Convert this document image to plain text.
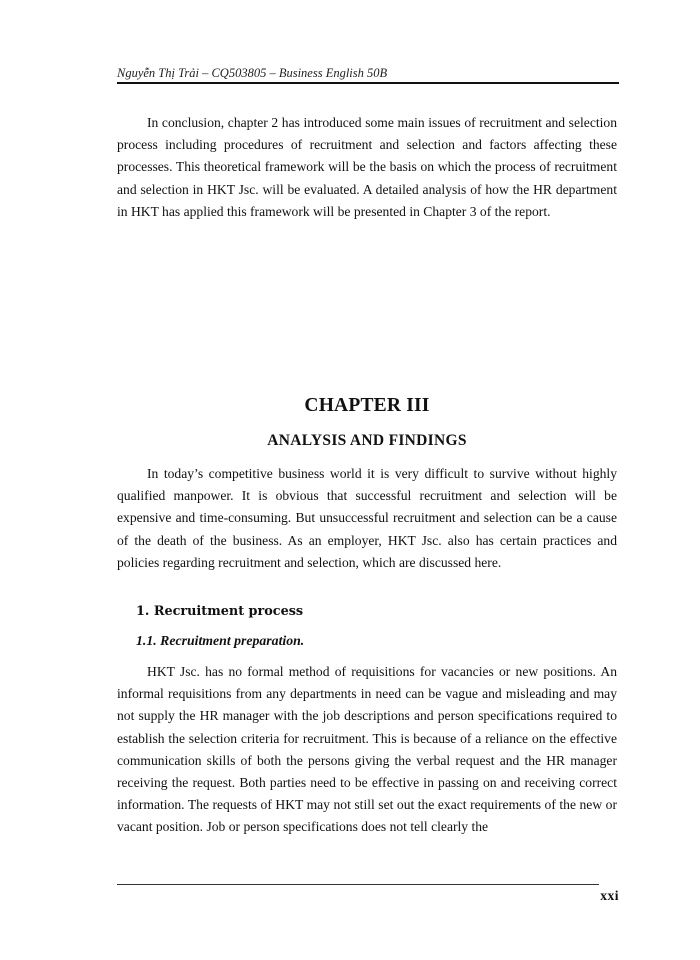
Nguyễn Thị Trải – CQ503805 – Business English 50B

In conclusion, chapter 2 has introduced some main issues of recruitment and selection process including procedures of recruitment and selection and factors affecting these processes. This theoretical framework will be the basis on which the process of recruitment and selection in HKT Jsc. will be evaluated. A detailed analysis of how the HR department in HKT has applied this framework will be presented in Chapter 3 of the report.

CHAPTER III
ANALYSIS AND FINDINGS

In today’s competitive business world it is very difficult to survive without highly qualified manpower. It is obvious that successful recruitment and selection will be expensive and time-consuming. But unsuccessful recruitment and selection can be a cause of the death of the business. As an employer, HKT Jsc. also has certain practices and policies regarding recruitment and selection, which are discussed here.

1. Recruitment process
1.1. Recruitment preparation.

HKT Jsc. has no formal method of requisitions for vacancies or new positions. An informal requisitions from any departments in need can be vague and misleading and may not supply the HR manager with the job descriptions and person specifications required to establish the selection criteria for recruitment. This is because of a reliance on the effective communication skills of both the persons giving the verbal request and the HR manager receiving the request. Both parties need to be effective in passing on and receiving correct information. The requests of HKT may not still set out the exact requirements of the new or vacant position. Job or person specifications does not tell clearly the

xxi
